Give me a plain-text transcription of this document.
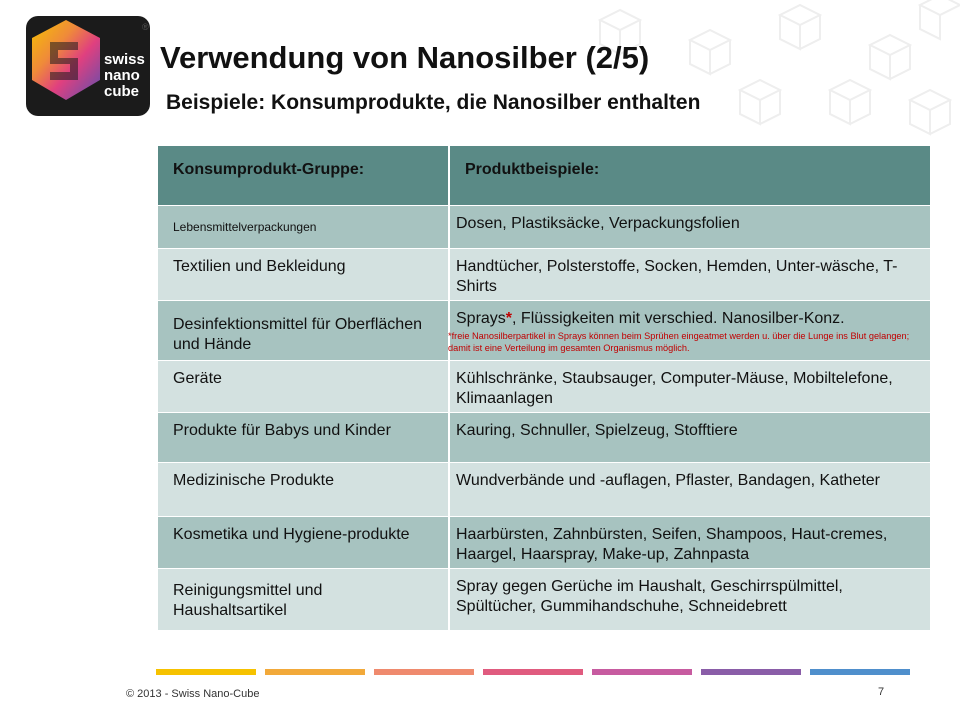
swiss
nano
cube
®
Verwendung von Nanosilber (2/5)
Beispiele: Konsumprodukte, die Nanosilber enthalten
Konsumprodukt-Gruppe:	Produktbeispiele:
Lebensmittelverpackungen	Dosen, Plastiksäcke, Verpackungsfolien
Textilien und Bekleidung	Handtücher, Polsterstoffe, Socken, Hemden, Unter-wäsche, T-Shirts
Desinfektionsmittel für Oberflächen und Hände	Sprays*, Flüssigkeiten mit verschied. Nanosilber-Konz.
*freie Nanosilberpartikel in Sprays können beim Sprühen eingeatmet werden u. über die Lunge ins Blut gelangen; damit ist eine Verteilung im gesamten Organismus möglich.

Geräte	Kühlschränke, Staubsauger, Computer-Mäuse, Mobiltelefone, Klimaanlagen
Produkte für Babys und Kinder	Kauring, Schnuller, Spielzeug, Stofftiere
Medizinische Produkte	Wundverbände und -auflagen, Pflaster, Bandagen, Katheter
Kosmetika und Hygiene-produkte	Haarbürsten, Zahnbürsten, Seifen, Shampoos, Haut-cremes, Haargel, Haarspray, Make-up, Zahnpasta
Reinigungsmittel und Haushaltsartikel	Spray gegen Gerüche im Haushalt, Geschirrspülmittel, Spültücher, Gummihandschuhe, Schneidebrett
© 2013 - Swiss Nano-Cube	7
